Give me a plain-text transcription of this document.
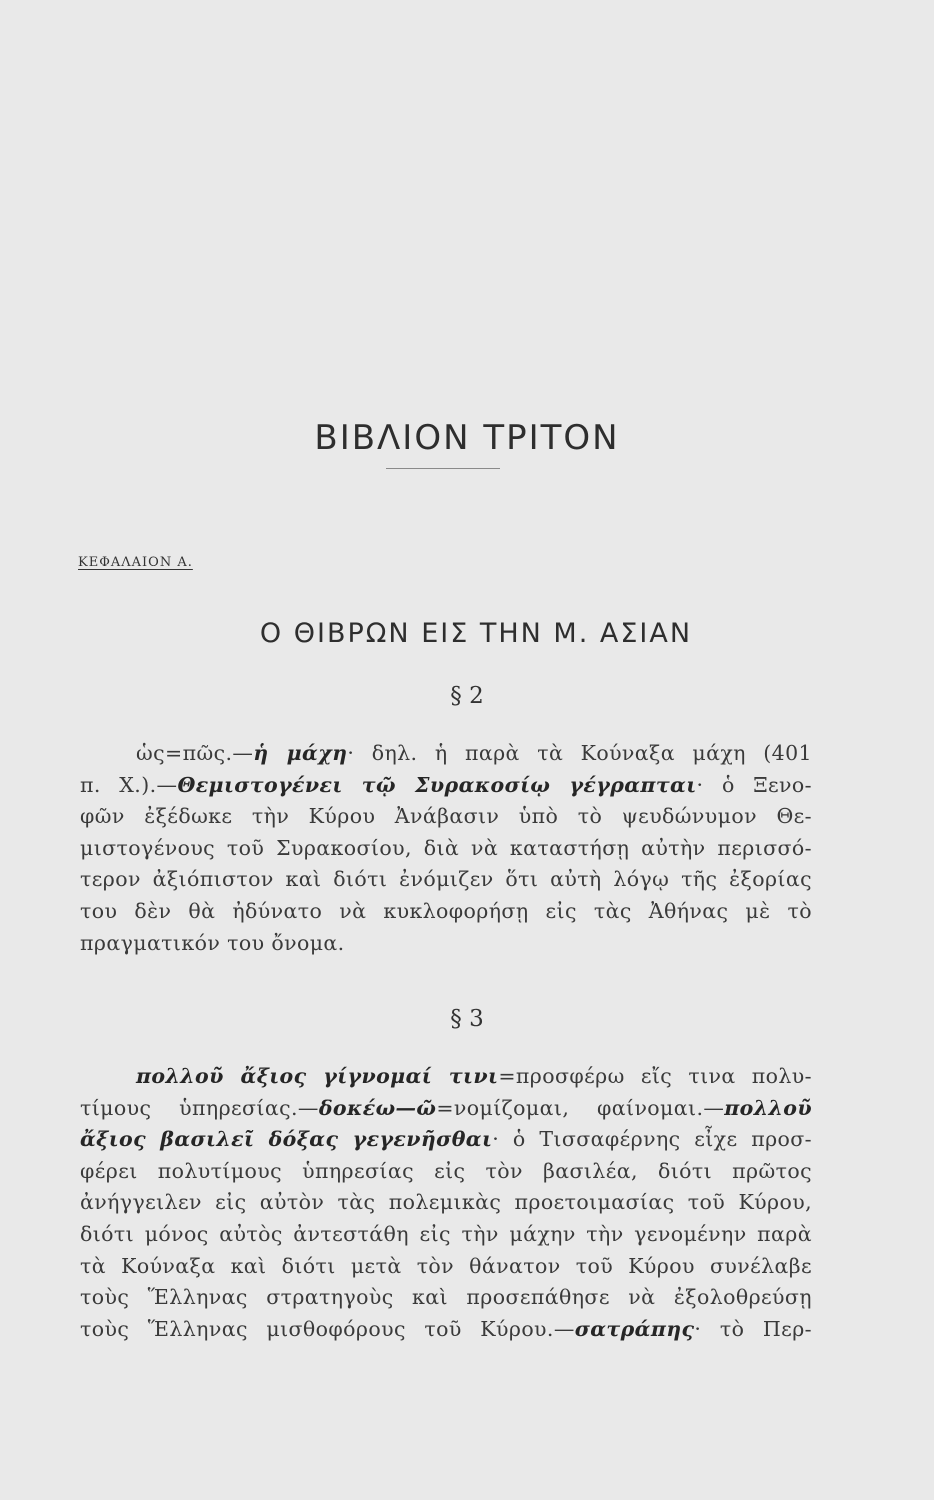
ΒΙΒΛΙΟΝ ΤΡΙΤΟΝ
ΚΕΦΑΛΑΙΟΝ Α.
Ο ΘΙΒΡΩΝ ΕΙΣ ΤΗΝ Μ. ΑΣΙΑΝ
§ 2
ὡς=πῶς.—ἡ μάχη· δηλ. ἡ παρὰ τὰ Κούναξα μάχη (401
π. Χ.).—Θεμιστογένει τῷ Συρακοσίῳ γέγραπται· ὁ Ξενο-
φῶν ἐξέδωκε τὴν Κύρου Ἀνάβασιν ὑπὸ τὸ ψευδώνυμον Θε-
μιστογένους τοῦ Συρακοσίου, διὰ νὰ καταστήσῃ αὐτὴν περισσό-
τερον ἀξιόπιστον καὶ διότι ἐνόμιζεν ὅτι αὐτὴ λόγῳ τῆς ἐξορίας
του δὲν θὰ ἠδύνατο νὰ κυκλοφορήσῃ εἰς τὰς Ἀθήνας μὲ τὸ
πραγματικόν του ὄνομα.
§ 3
πολλοῦ ἄξιος γίγνομαί τινι=προσφέρω εἴς τινα πολυ-
τίμους ὑπηρεσίας.—δοκέω—ῶ=νομίζομαι, φαίνομαι.—πολλοῦ
ἄξιος βασιλεῖ δόξας γεγενῆσθαι· ὁ Τισσαφέρνης εἶχε προσ-
φέρει πολυτίμους ὑπηρεσίας εἰς τὸν βασιλέα, διότι πρῶτος
ἀνήγγειλεν εἰς αὐτὸν τὰς πολεμικὰς προετοιμασίας τοῦ Κύρου,
διότι μόνος αὐτὸς ἀντεστάθη εἰς τὴν μάχην τὴν γενομένην παρὰ
τὰ Κούναξα καὶ διότι μετὰ τὸν θάνατον τοῦ Κύρου συνέλαβε
τοὺς Ἕλληνας στρατηγοὺς καὶ προσεπάθησε νὰ ἐξολοθρεύσῃ
τοὺς Ἕλληνας μισθοφόρους τοῦ Κύρου.—σατράπης· τὸ Περ-
